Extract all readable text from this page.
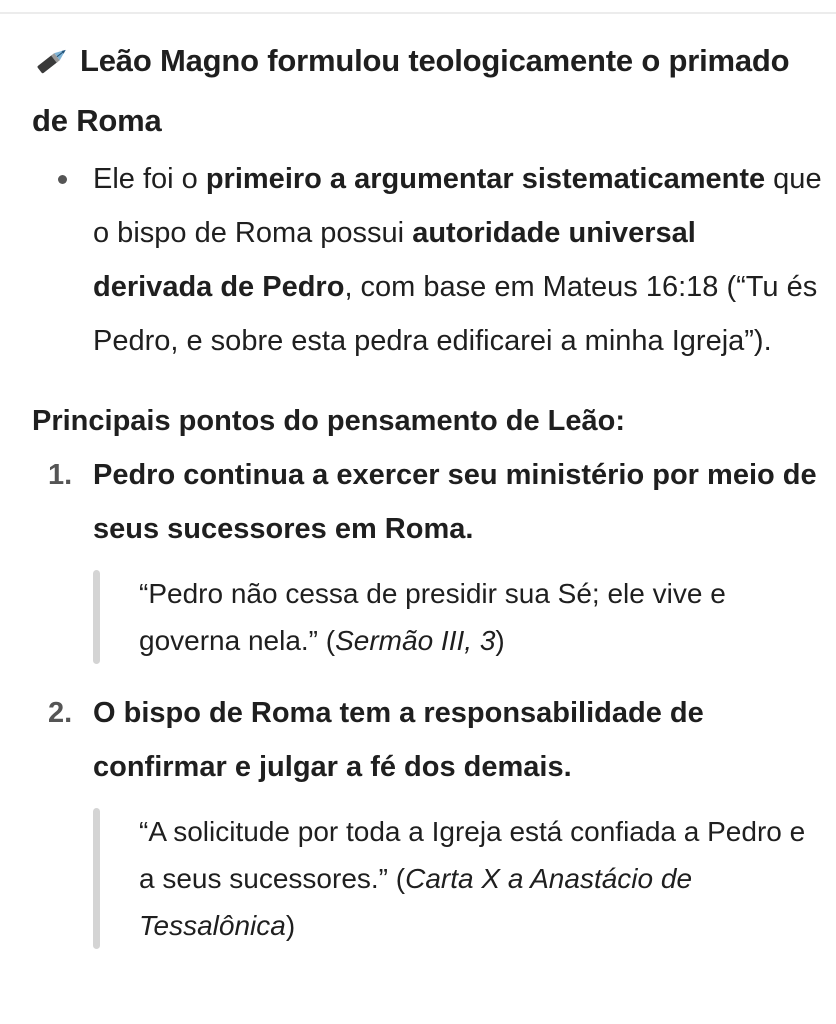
Leão Magno formulou teologicamente o primado de Roma
Ele foi o primeiro a argumentar sistematicamente que o bispo de Roma possui autoridade universal derivada de Pedro, com base em Mateus 16:18 (“Tu és Pedro, e sobre esta pedra edificarei a minha Igreja”).

Principais pontos do pensamento de Leão:

1. Pedro continua a exercer seu ministério por meio de seus sucessores em Roma.
“Pedro não cessa de presidir sua Sé; ele vive e governa nela.” (Sermão III, 3)
2. O bispo de Roma tem a responsabilidade de confirmar e julgar a fé dos demais.
“A solicitude por toda a Igreja está confiada a Pedro e a seus sucessores.” (Carta X a Anastácio de Tessalônica)
